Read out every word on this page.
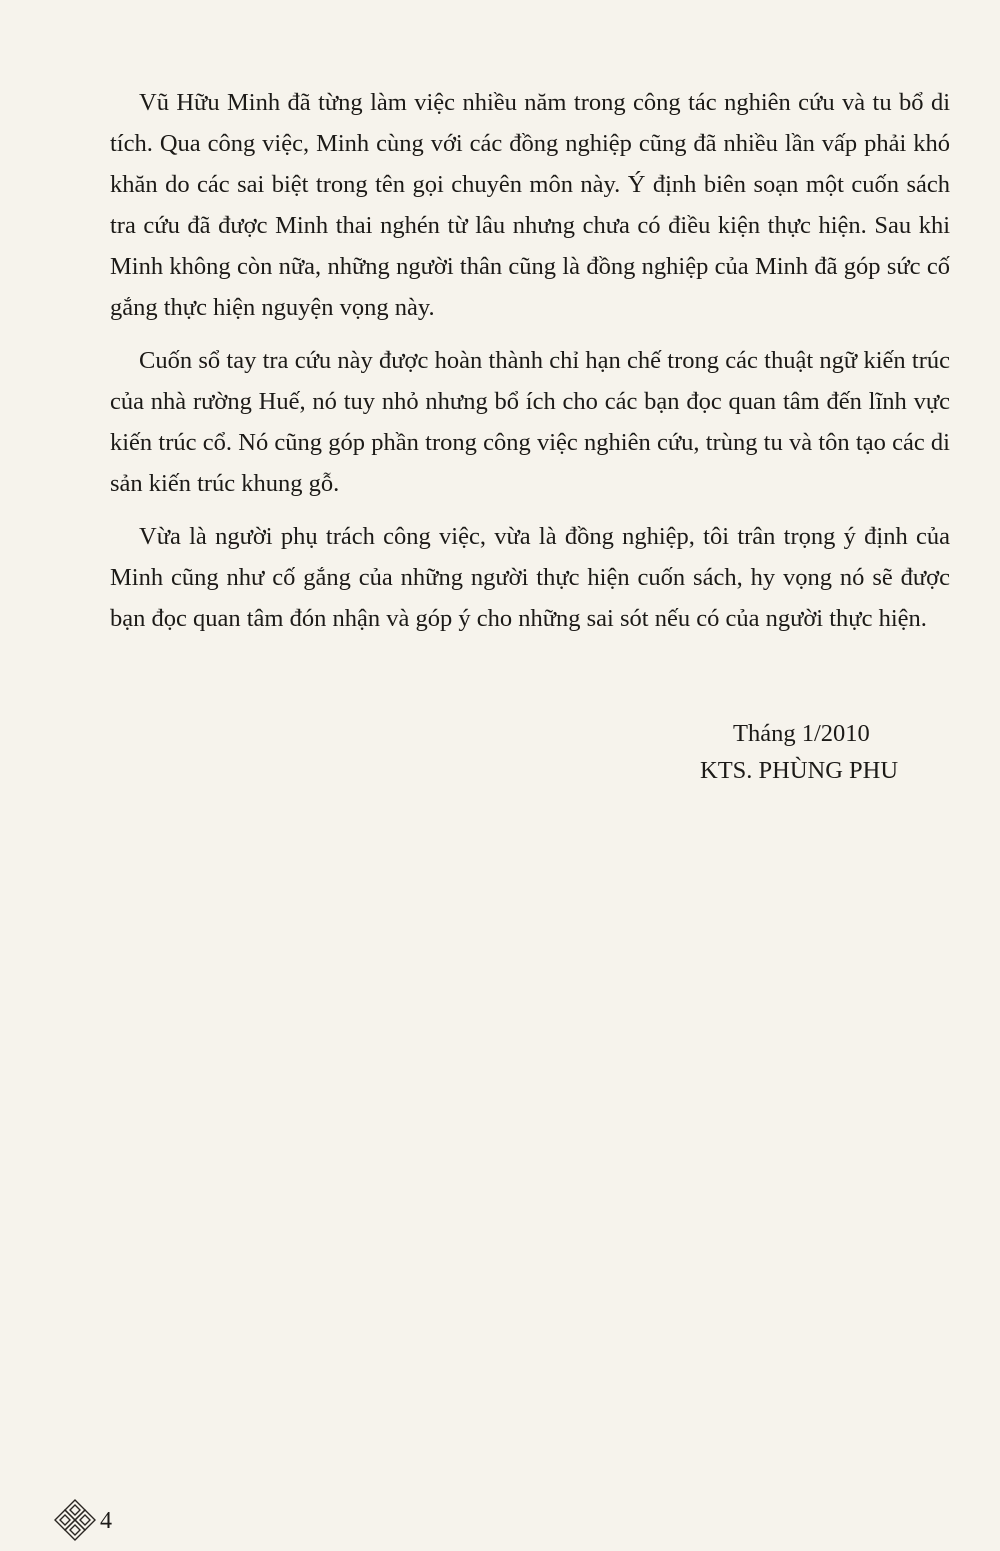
Vũ Hữu Minh đã từng làm việc nhiều năm trong công tác nghiên cứu và tu bổ di tích. Qua công việc, Minh cùng với các đồng nghiệp cũng đã nhiều lần vấp phải khó khăn do các sai biệt trong tên gọi chuyên môn này. Ý định biên soạn một cuốn sách tra cứu đã được Minh thai nghén từ lâu nhưng chưa có điều kiện thực hiện. Sau khi Minh không còn nữa, những người thân cũng là đồng nghiệp của Minh đã góp sức cố gắng thực hiện nguyện vọng này.

Cuốn sổ tay tra cứu này được hoàn thành chỉ hạn chế trong các thuật ngữ kiến trúc của nhà rường Huế, nó tuy nhỏ nhưng bổ ích cho các bạn đọc quan tâm đến lĩnh vực kiến trúc cổ. Nó cũng góp phần trong công việc nghiên cứu, trùng tu và tôn tạo các di sản kiến trúc khung gỗ.

Vừa là người phụ trách công việc, vừa là đồng nghiệp, tôi trân trọng ý định của Minh cũng như cố gắng của những người thực hiện cuốn sách, hy vọng nó sẽ được bạn đọc quan tâm đón nhận và góp ý cho những sai sót nếu có của người thực hiện.

Tháng 1/2010
KTS. PHÙNG PHU
4
